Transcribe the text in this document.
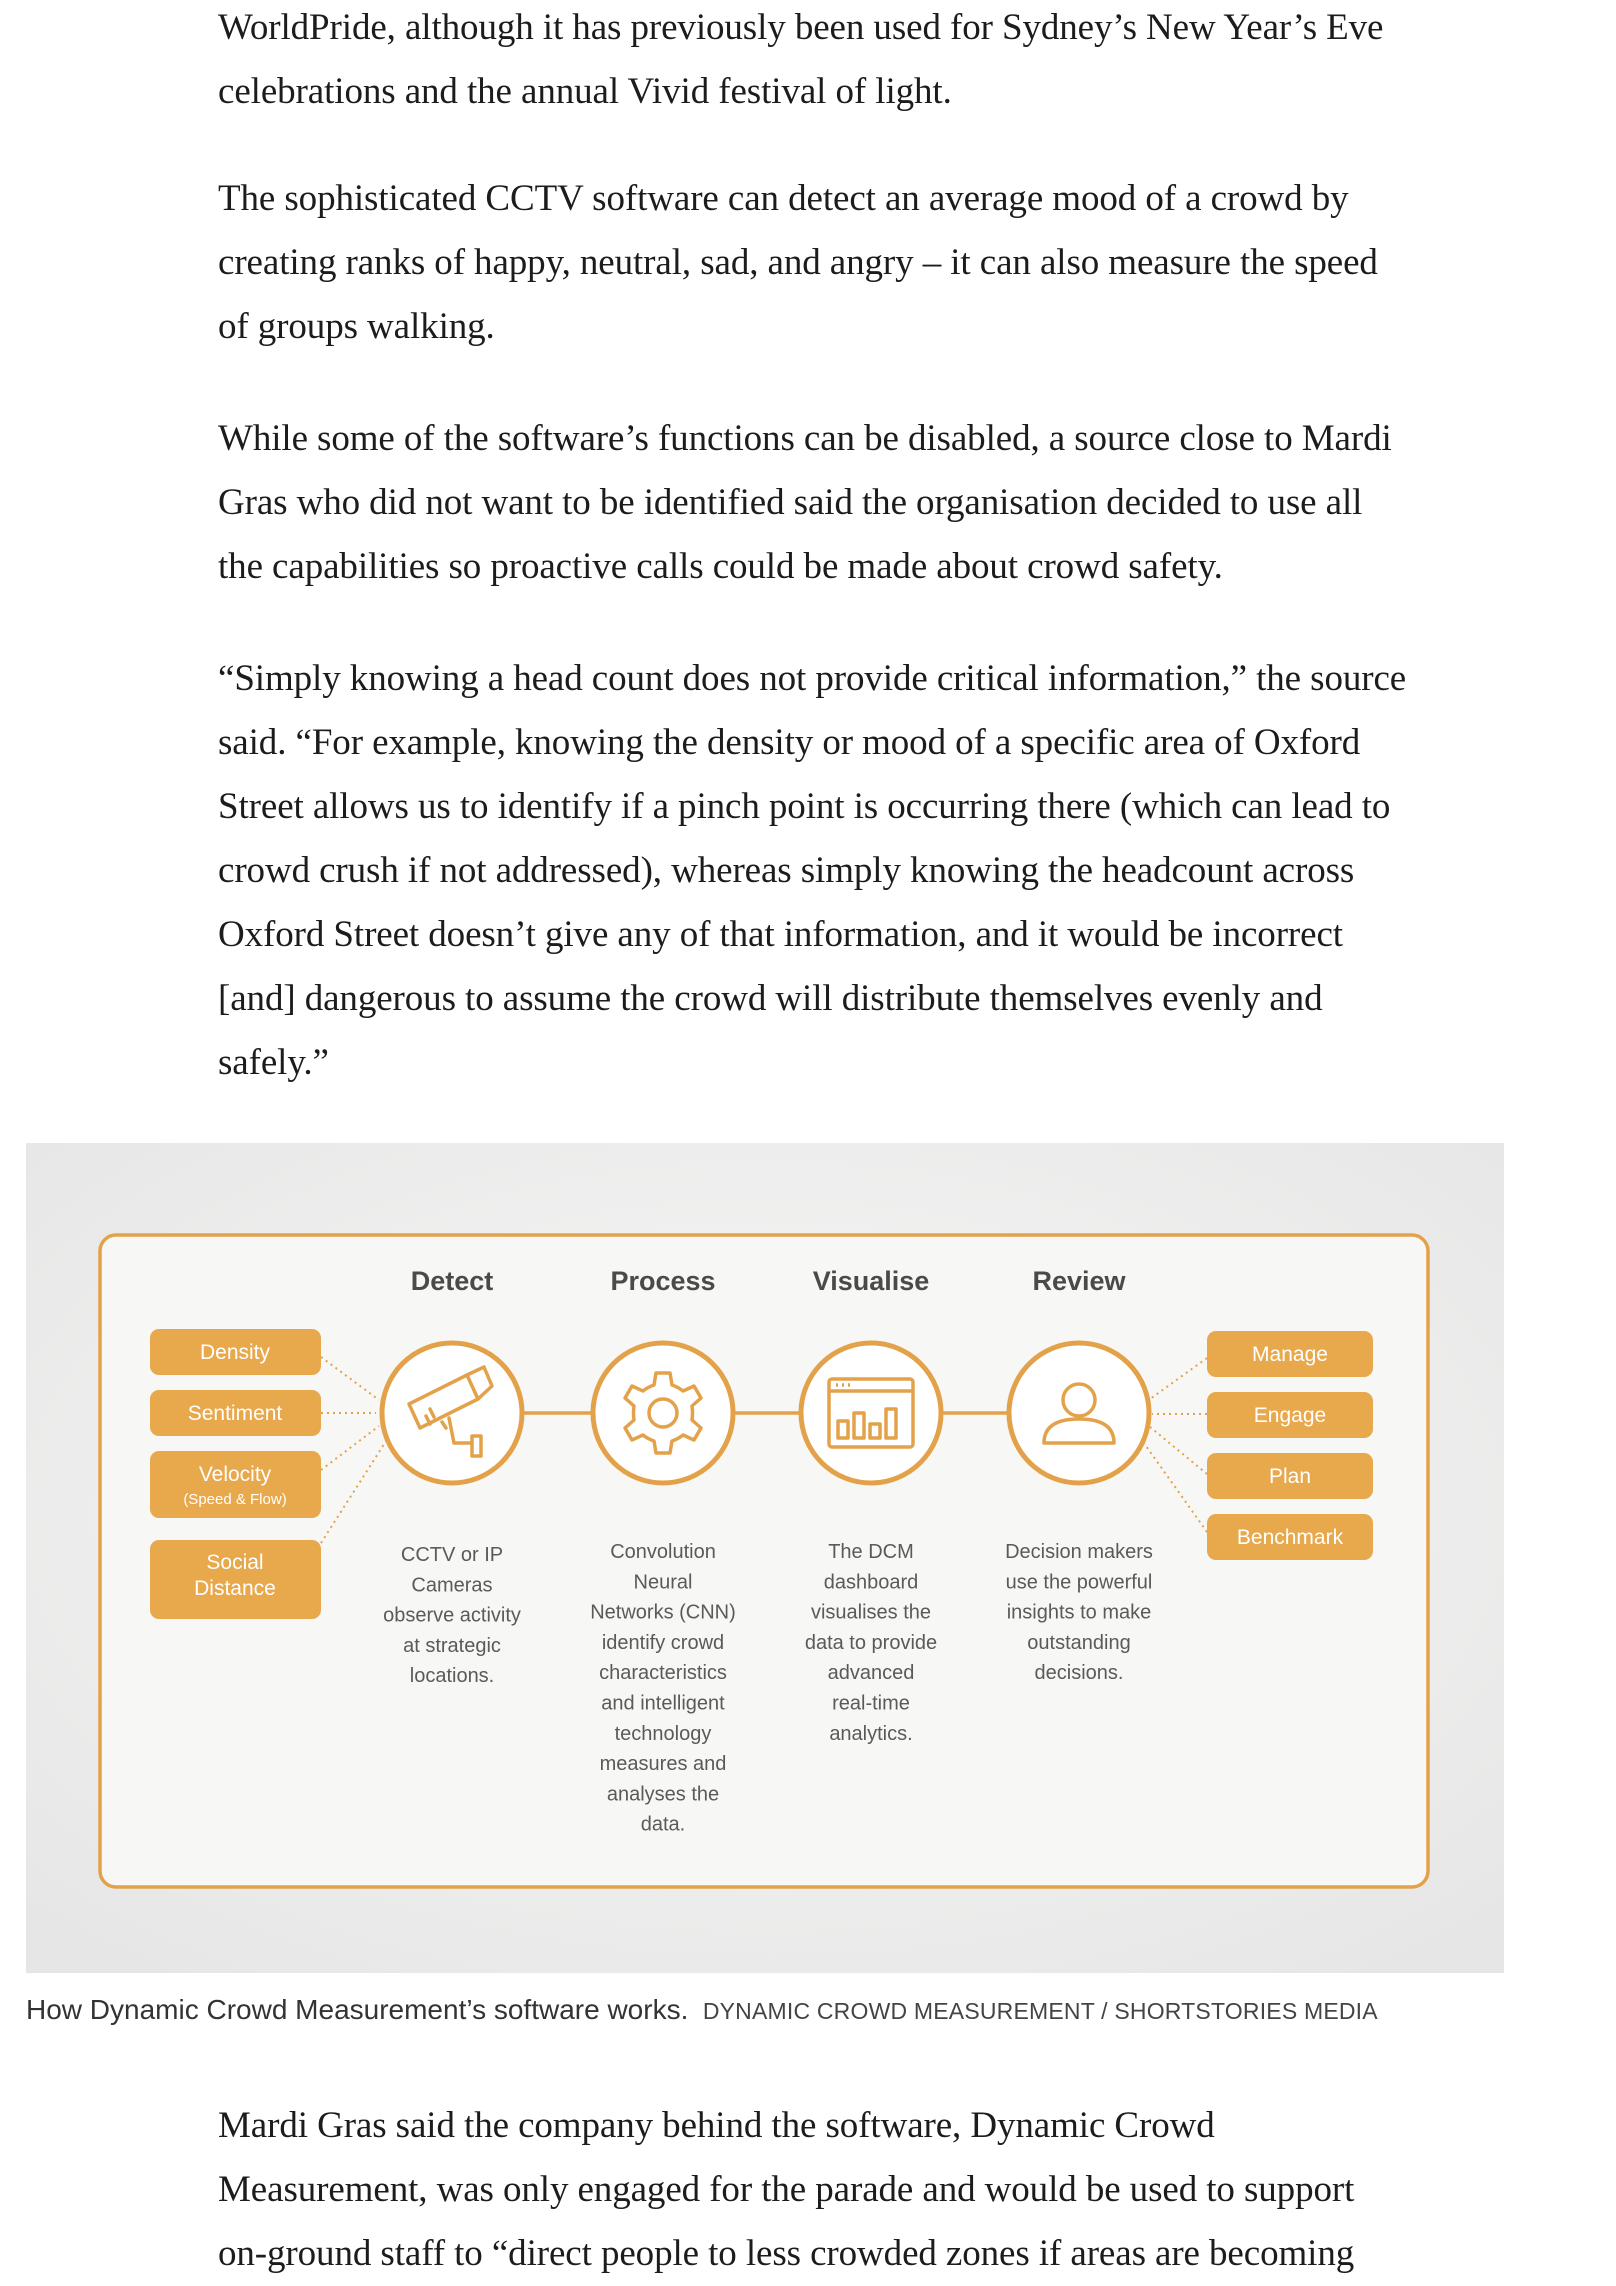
WorldPride, although it has previously been used for Sydney’s New Year’s Eve
celebrations and the annual Vivid festival of light.

The sophisticated CCTV software can detect an average mood of a crowd by
creating ranks of happy, neutral, sad, and angry – it can also measure the speed
of groups walking.

While some of the software’s functions can be disabled, a source close to Mardi
Gras who did not want to be identified said the organisation decided to use all
the capabilities so proactive calls could be made about crowd safety.

“Simply knowing a head count does not provide critical information,” the source
said. “For example, knowing the density or mood of a specific area of Oxford
Street allows us to identify if a pinch point is occurring there (which can lead to
crowd crush if not addressed), whereas simply knowing the headcount across
Oxford Street doesn’t give any of that information, and it would be incorrect
[and] dangerous to assume the crowd will distribute themselves evenly and
safely.”

Detect	Process	Visualise	Review
Density
Sentiment
Velocity
(Speed & Flow)
Social
Distance
Manage
Engage
Plan
Benchmark
CCTV or IP
Cameras
observe activity
at strategic
locations.
Convolution
Neural
Networks (CNN)
identify crowd
characteristics
and intelligent
technology
measures and
analyses the
data.
The DCM
dashboard
visualises the
data to provide
advanced
real-time
analytics.
Decision makers
use the powerful
insights to make
outstanding
decisions.
How Dynamic Crowd Measurement’s software works. DYNAMIC CROWD MEASUREMENT / SHORTSTORIES MEDIA

Mardi Gras said the company behind the software, Dynamic Crowd
Measurement, was only engaged for the parade and would be used to support
on-ground staff to “direct people to less crowded zones if areas are becoming
